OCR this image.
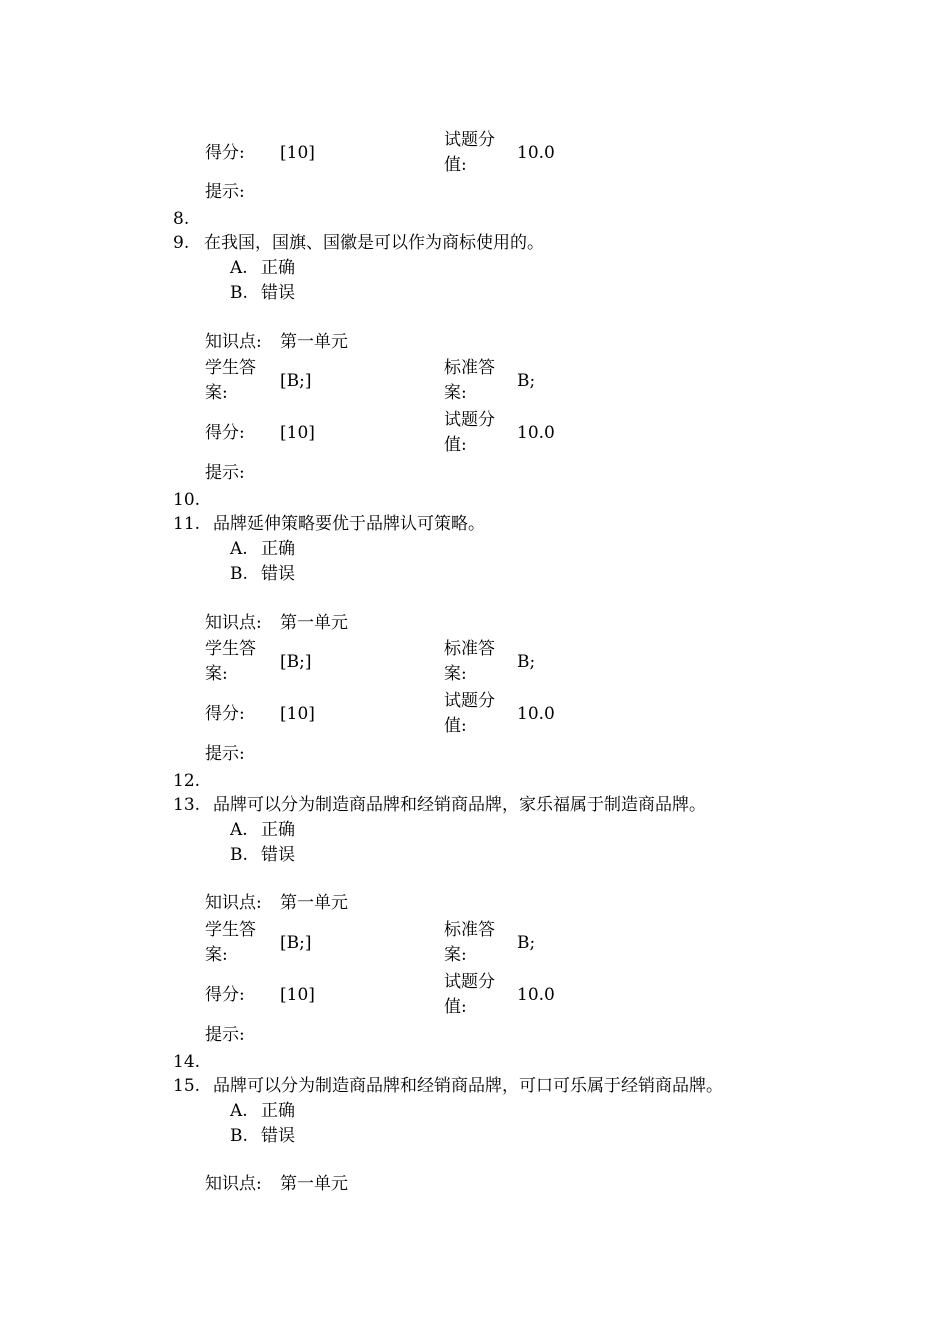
得分: [10]
试题分
值:
10.0
提示:
8.
9. 在我国，国旗、国徽是可以作为商标使用的。
A. 正确
B. 错误
知识点: 第一单元
学生答
案:
[B;]
标准答
案:
B;
得分: [10]
试题分
值:
10.0
提示:
10.
11. 品牌延伸策略要优于品牌认可策略。
A. 正确
B. 错误
知识点: 第一单元
学生答
案:
[B;]
标准答
案:
B;
得分: [10]
试题分
值:
10.0
提示:
12.
13. 品牌可以分为制造商品牌和经销商品牌，家乐福属于制造商品牌。
A. 正确
B. 错误
知识点: 第一单元
学生答
案:
[B;]
标准答
案:
B;
得分: [10]
试题分
值:
10.0
提示:
14.
15. 品牌可以分为制造商品牌和经销商品牌，可口可乐属于经销商品牌。
A. 正确
B. 错误
知识点: 第一单元
